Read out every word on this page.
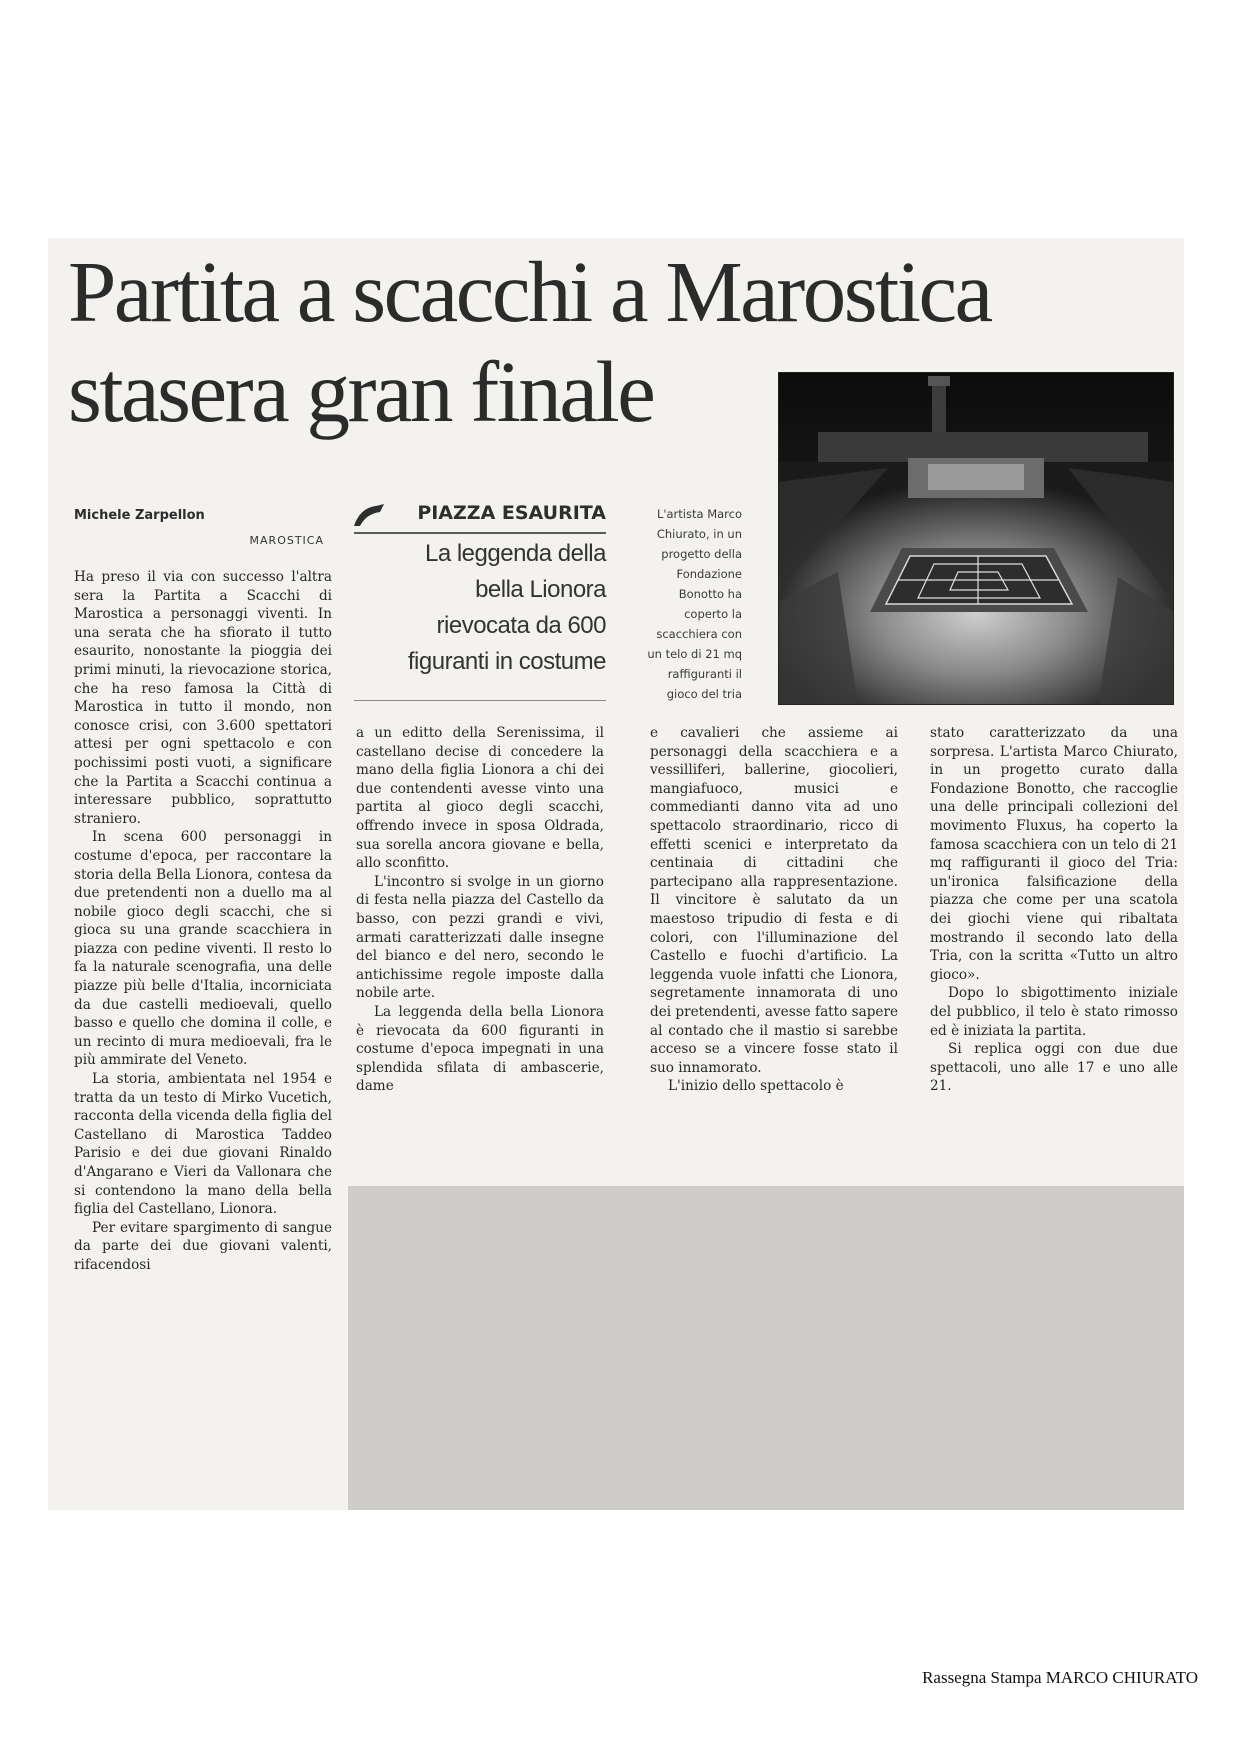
Partita a scacchi a Marostica
stasera gran finale
Michele Zarpellon
MAROSTICA
PIAZZA ESAURITA
La leggenda della
bella Lionora
rievocata da 600
figuranti in costume
L'artista Marco
Chiurato, in un
progetto della
Fondazione
Bonotto ha
coperto la
scacchiera con
un telo di 21 mq
raffiguranti il
gioco del tria

Ha preso il via con successo l'altra sera la Partita a Scacchi di Marostica a personaggi viventi. In una serata che ha sfiorato il tutto esaurito, nonostante la pioggia dei primi minuti, la rievocazione storica, che ha reso famosa la Città di Marostica in tutto il mondo, non conosce crisi, con 3.600 spettatori attesi per ogni spettacolo e con pochissimi posti vuoti, a significare che la Partita a Scacchi continua a interessare pubblico, soprattutto straniero.

In scena 600 personaggi in costume d'epoca, per raccontare la storia della Bella Lionora, contesa da due pretendenti non a duello ma al nobile gioco degli scacchi, che si gioca su una grande scacchiera in piazza con pedine viventi. Il resto lo fa la naturale scenografia, una delle piazze più belle d'Italia, incorniciata da due castelli medioevali, quello basso e quello che domina il colle, e un recinto di mura medioevali, fra le più ammirate del Veneto.

La storia, ambientata nel 1954 e tratta da un testo di Mirko Vucetich, racconta della vicenda della figlia del Castellano di Marostica Taddeo Parisio e dei due giovani Rinaldo d'Angarano e Vieri da Vallonara che si contendono la mano della bella figlia del Castellano, Lionora.

Per evitare spargimento di sangue da parte dei due giovani valenti, rifacendosi

a un editto della Serenissima, il castellano decise di concedere la mano della figlia Lionora a chi dei due contendenti avesse vinto una partita al gioco degli scacchi, offrendo invece in sposa Oldrada, sua sorella ancora giovane e bella, allo sconfitto.

L'incontro si svolge in un giorno di festa nella piazza del Castello da basso, con pezzi grandi e vivi, armati caratterizzati dalle insegne del bianco e del nero, secondo le antichissime regole imposte dalla nobile arte.

La leggenda della bella Lionora è rievocata da 600 figuranti in costume d'epoca impegnati in una splendida sfilata di ambascerie, dame

e cavalieri che assieme ai personaggi della scacchiera e a vessilliferi, ballerine, giocolieri, mangiafuoco, musici e commedianti danno vita ad uno spettacolo straordinario, ricco di effetti scenici e interpretato da centinaia di cittadini che partecipano alla rappresentazione. Il vincitore è salutato da un maestoso tripudio di festa e di colori, con l'illuminazione del Castello e fuochi d'artificio. La leggenda vuole infatti che Lionora, segretamente innamorata di uno dei pretendenti, avesse fatto sapere al contado che il mastio si sarebbe acceso se a vincere fosse stato il suo innamorato.

L'inizio dello spettacolo è

stato caratterizzato da una sorpresa. L'artista Marco Chiurato, in un progetto curato dalla Fondazione Bonotto, che raccoglie una delle principali collezioni del movimento Fluxus, ha coperto la famosa scacchiera con un telo di 21 mq raffiguranti il gioco del Tria: un'ironica falsificazione della piazza che come per una scatola dei giochi viene qui ribaltata mostrando il secondo lato della Tria, con la scritta «Tutto un altro gioco».

Dopo lo sbigottimento iniziale del pubblico, il telo è stato rimosso ed è iniziata la partita.

Si replica oggi con due due spettacoli, uno alle 17 e uno alle 21.

Rassegna Stampa MARCO CHIURATO
